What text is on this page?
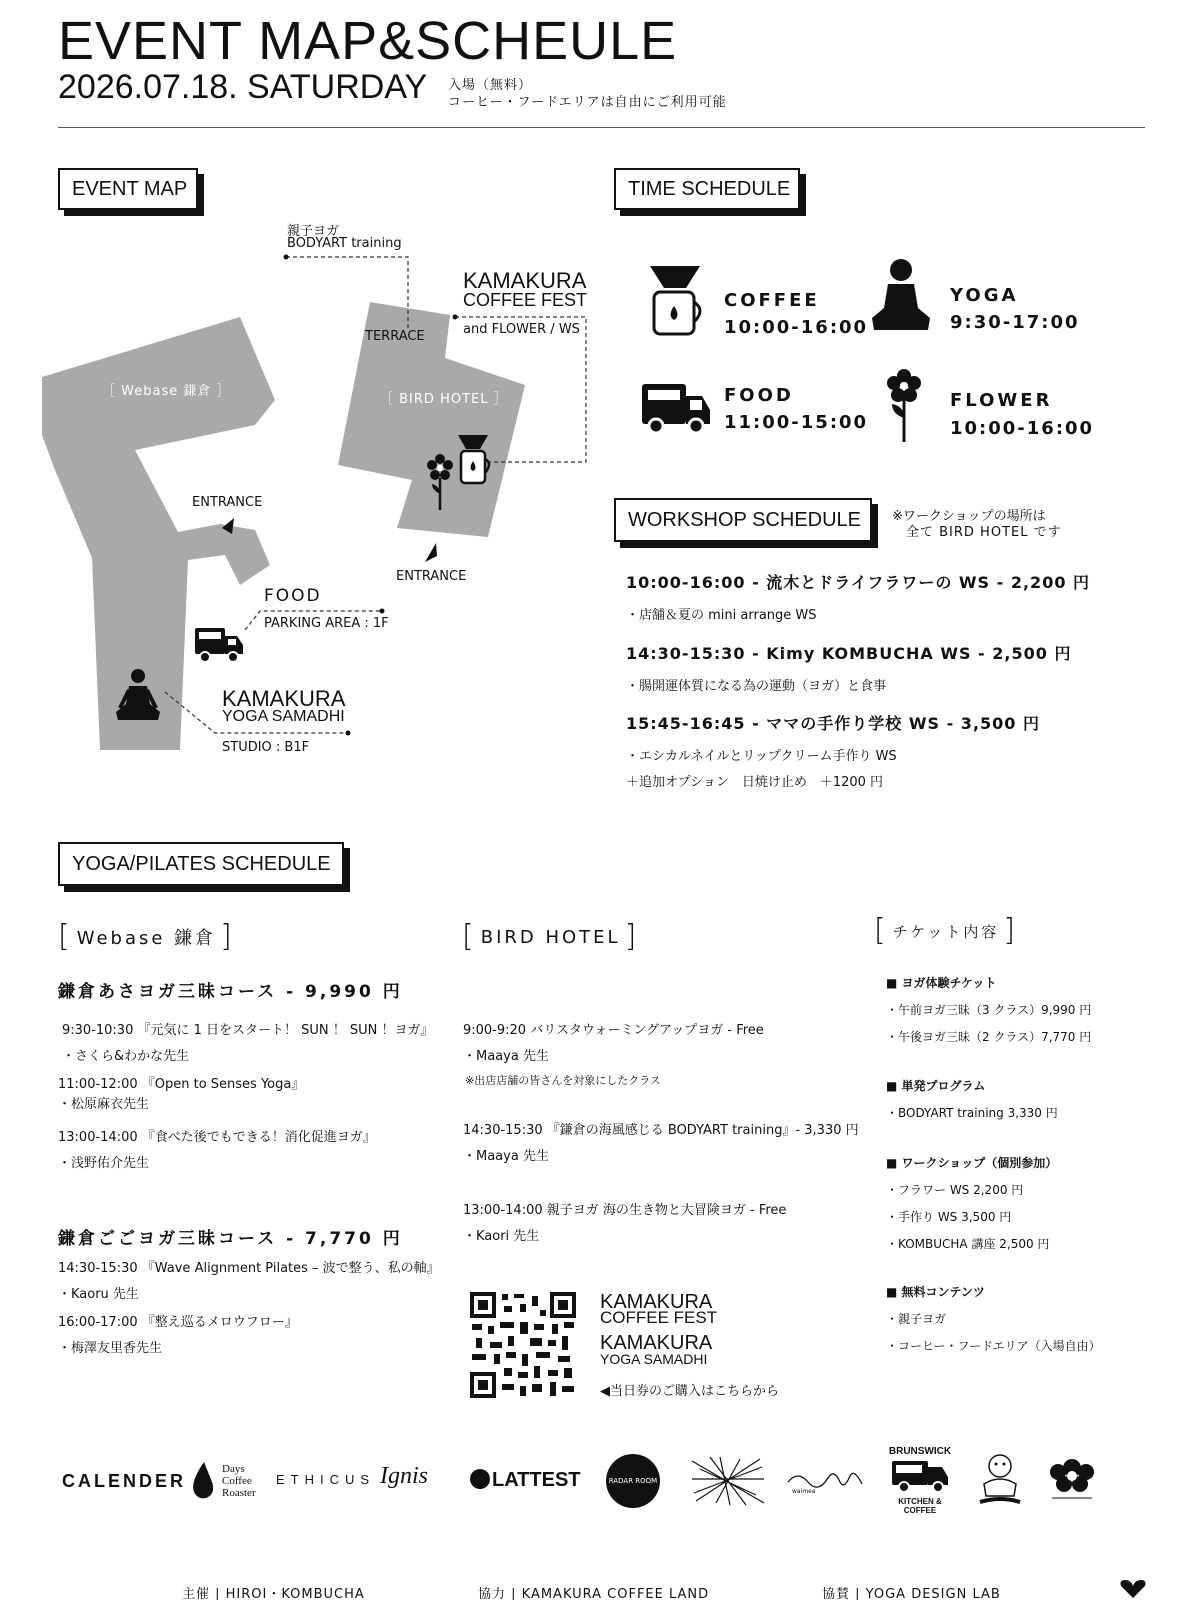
EVENT MAP&SCHEULE
2026.07.18. SATURDAY 入場（無料）
コーヒー・フードエリアは自由にご利用可能
EVENT MAP	TIME SCHEDULE
WORKSHOP SCHEDULE
YOGA/PILATES SCHEDULE
親子ヨガ
BODYART training
KAMAKURA
COFFEE FEST
and FLOWER / WS
TERRACE
［ Webase 鎌倉 ］
［ BIRD HOTEL ］
ENTRANCE
ENTRANCE
FOOD
PARKING AREA : 1F
KAMAKURA
YOGA SAMADHI
STUDIO : B1F
COFFEE
10:00-16:00
YOGA
9:30-17:00
FOOD
11:00-15:00
FLOWER
10:00-16:00
※ワークショップの場所は
全て BIRD HOTEL です
10:00-16:00 - 流木とドライフラワーの WS - 2,200 円
・店舗＆夏の mini arrange WS
14:30-15:30 - Kimy KOMBUCHA WS - 2,500 円
・腸開運体質になる為の運動（ヨガ）と食事
15:45-16:45 - ママの手作り学校 WS - 3,500 円
・エシカルネイルとリップクリーム手作り WS
＋追加オプション　日焼け止め　＋1200 円
[ Webase 鎌倉 ]
鎌倉あさヨガ三昧コース - 9,990 円
9:30-10:30 『元気に 1 日をスタート！ SUN ！ SUN ！ヨガ』
・さくら&わかな先生
11:00-12:00 『Open to Senses Yoga』
・松原麻衣先生
13:00-14:00 『食べた後でもできる！消化促進ヨガ』
・浅野佑介先生
鎌倉ごごヨガ三昧コース - 7,770 円
14:30-15:30 『Wave Alignment Pilates – 波で整う、私の軸』
・Kaoru 先生
16:00-17:00 『整え巡るメロウフロー』
・梅澤友里香先生
[ BIRD HOTEL ]
9:00-9:20 バリスタウォーミングアップヨガ - Free
・Maaya 先生
※出店店舗の皆さんを対象にしたクラス
14:30-15:30 『鎌倉の海風感じる BODYART training』- 3,330 円
・Maaya 先生
13:00-14:00 親子ヨガ 海の生き物と大冒険ヨガ - Free
・Kaori 先生
KAMAKURA
COFFEE FEST
KAMAKURA
YOGA SAMADHI
◀当日券のご購入はこちらから
[ チケット内容 ]
■ ヨガ体験チケット
・午前ヨガ三昧（3 クラス）9,990 円
・午後ヨガ三昧（2 クラス）7,770 円
■ 単発プログラム
・BODYART training 3,330 円
■ ワークショップ（個別参加）
・フラワー WS 2,200 円
・手作り WS 3,500 円
・KOMBUCHA 講座 2,500 円
■ 無料コンテンツ
・親子ヨガ
・コーヒー・フードエリア（入場自由）
CALENDER
Days
Coffee
Roaster
ETHICUS Ignis	LATTEST	RADAR ROOM
waimea
BRUNSWICK
KITCHEN & COFFEE
主催 | HIROI・KOMBUCHA	協力 | KAMAKURA COFFEE LAND	協賛 | YOGA DESIGN LAB
